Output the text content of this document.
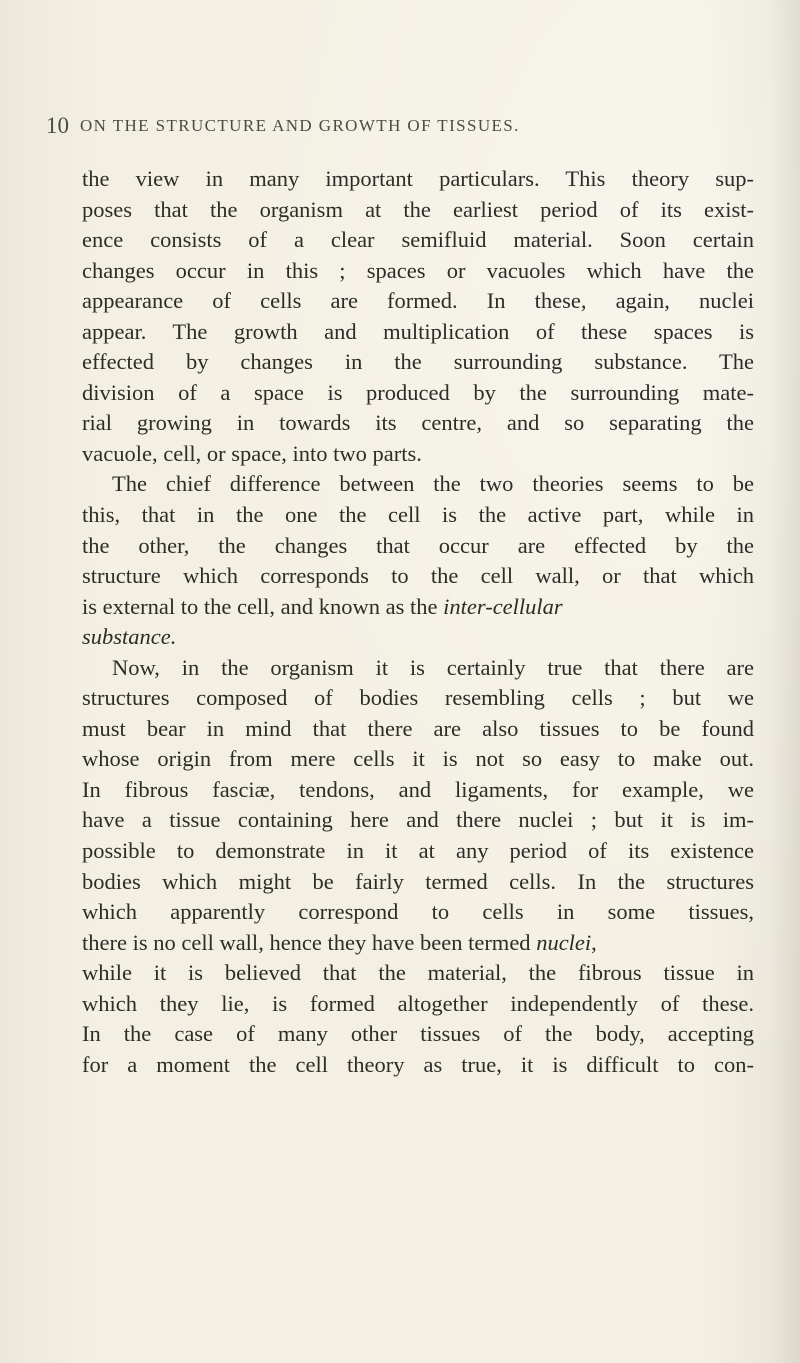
10 ON THE STRUCTURE AND GROWTH OF TISSUES.
the view in many important particulars. This theory sup-
poses that the organism at the earliest period of its exist-
ence consists of a clear semifluid material. Soon certain
changes occur in this ; spaces or vacuoles which have the
appearance of cells are formed. In these, again, nuclei
appear. The growth and multiplication of these spaces is
effected by changes in the surrounding substance. The
division of a space is produced by the surrounding mate-
rial growing in towards its centre, and so separating the
vacuole, cell, or space, into two parts.
The chief difference between the two theories seems to be
this, that in the one the cell is the active part, while in
the other, the changes that occur are effected by the
structure which corresponds to the cell wall, or that which
is external to the cell, and known as the inter-cellular
substance.
Now, in the organism it is certainly true that there are
structures composed of bodies resembling cells ; but we
must bear in mind that there are also tissues to be found
whose origin from mere cells it is not so easy to make out.
In fibrous fasciæ, tendons, and ligaments, for example, we
have a tissue containing here and there nuclei ; but it is im-
possible to demonstrate in it at any period of its existence
bodies which might be fairly termed cells. In the structures
which apparently correspond to cells in some tissues,
there is no cell wall, hence they have been termed nuclei,
while it is believed that the material, the fibrous tissue in
which they lie, is formed altogether independently of these.
In the case of many other tissues of the body, accepting
for a moment the cell theory as true, it is difficult to con-
